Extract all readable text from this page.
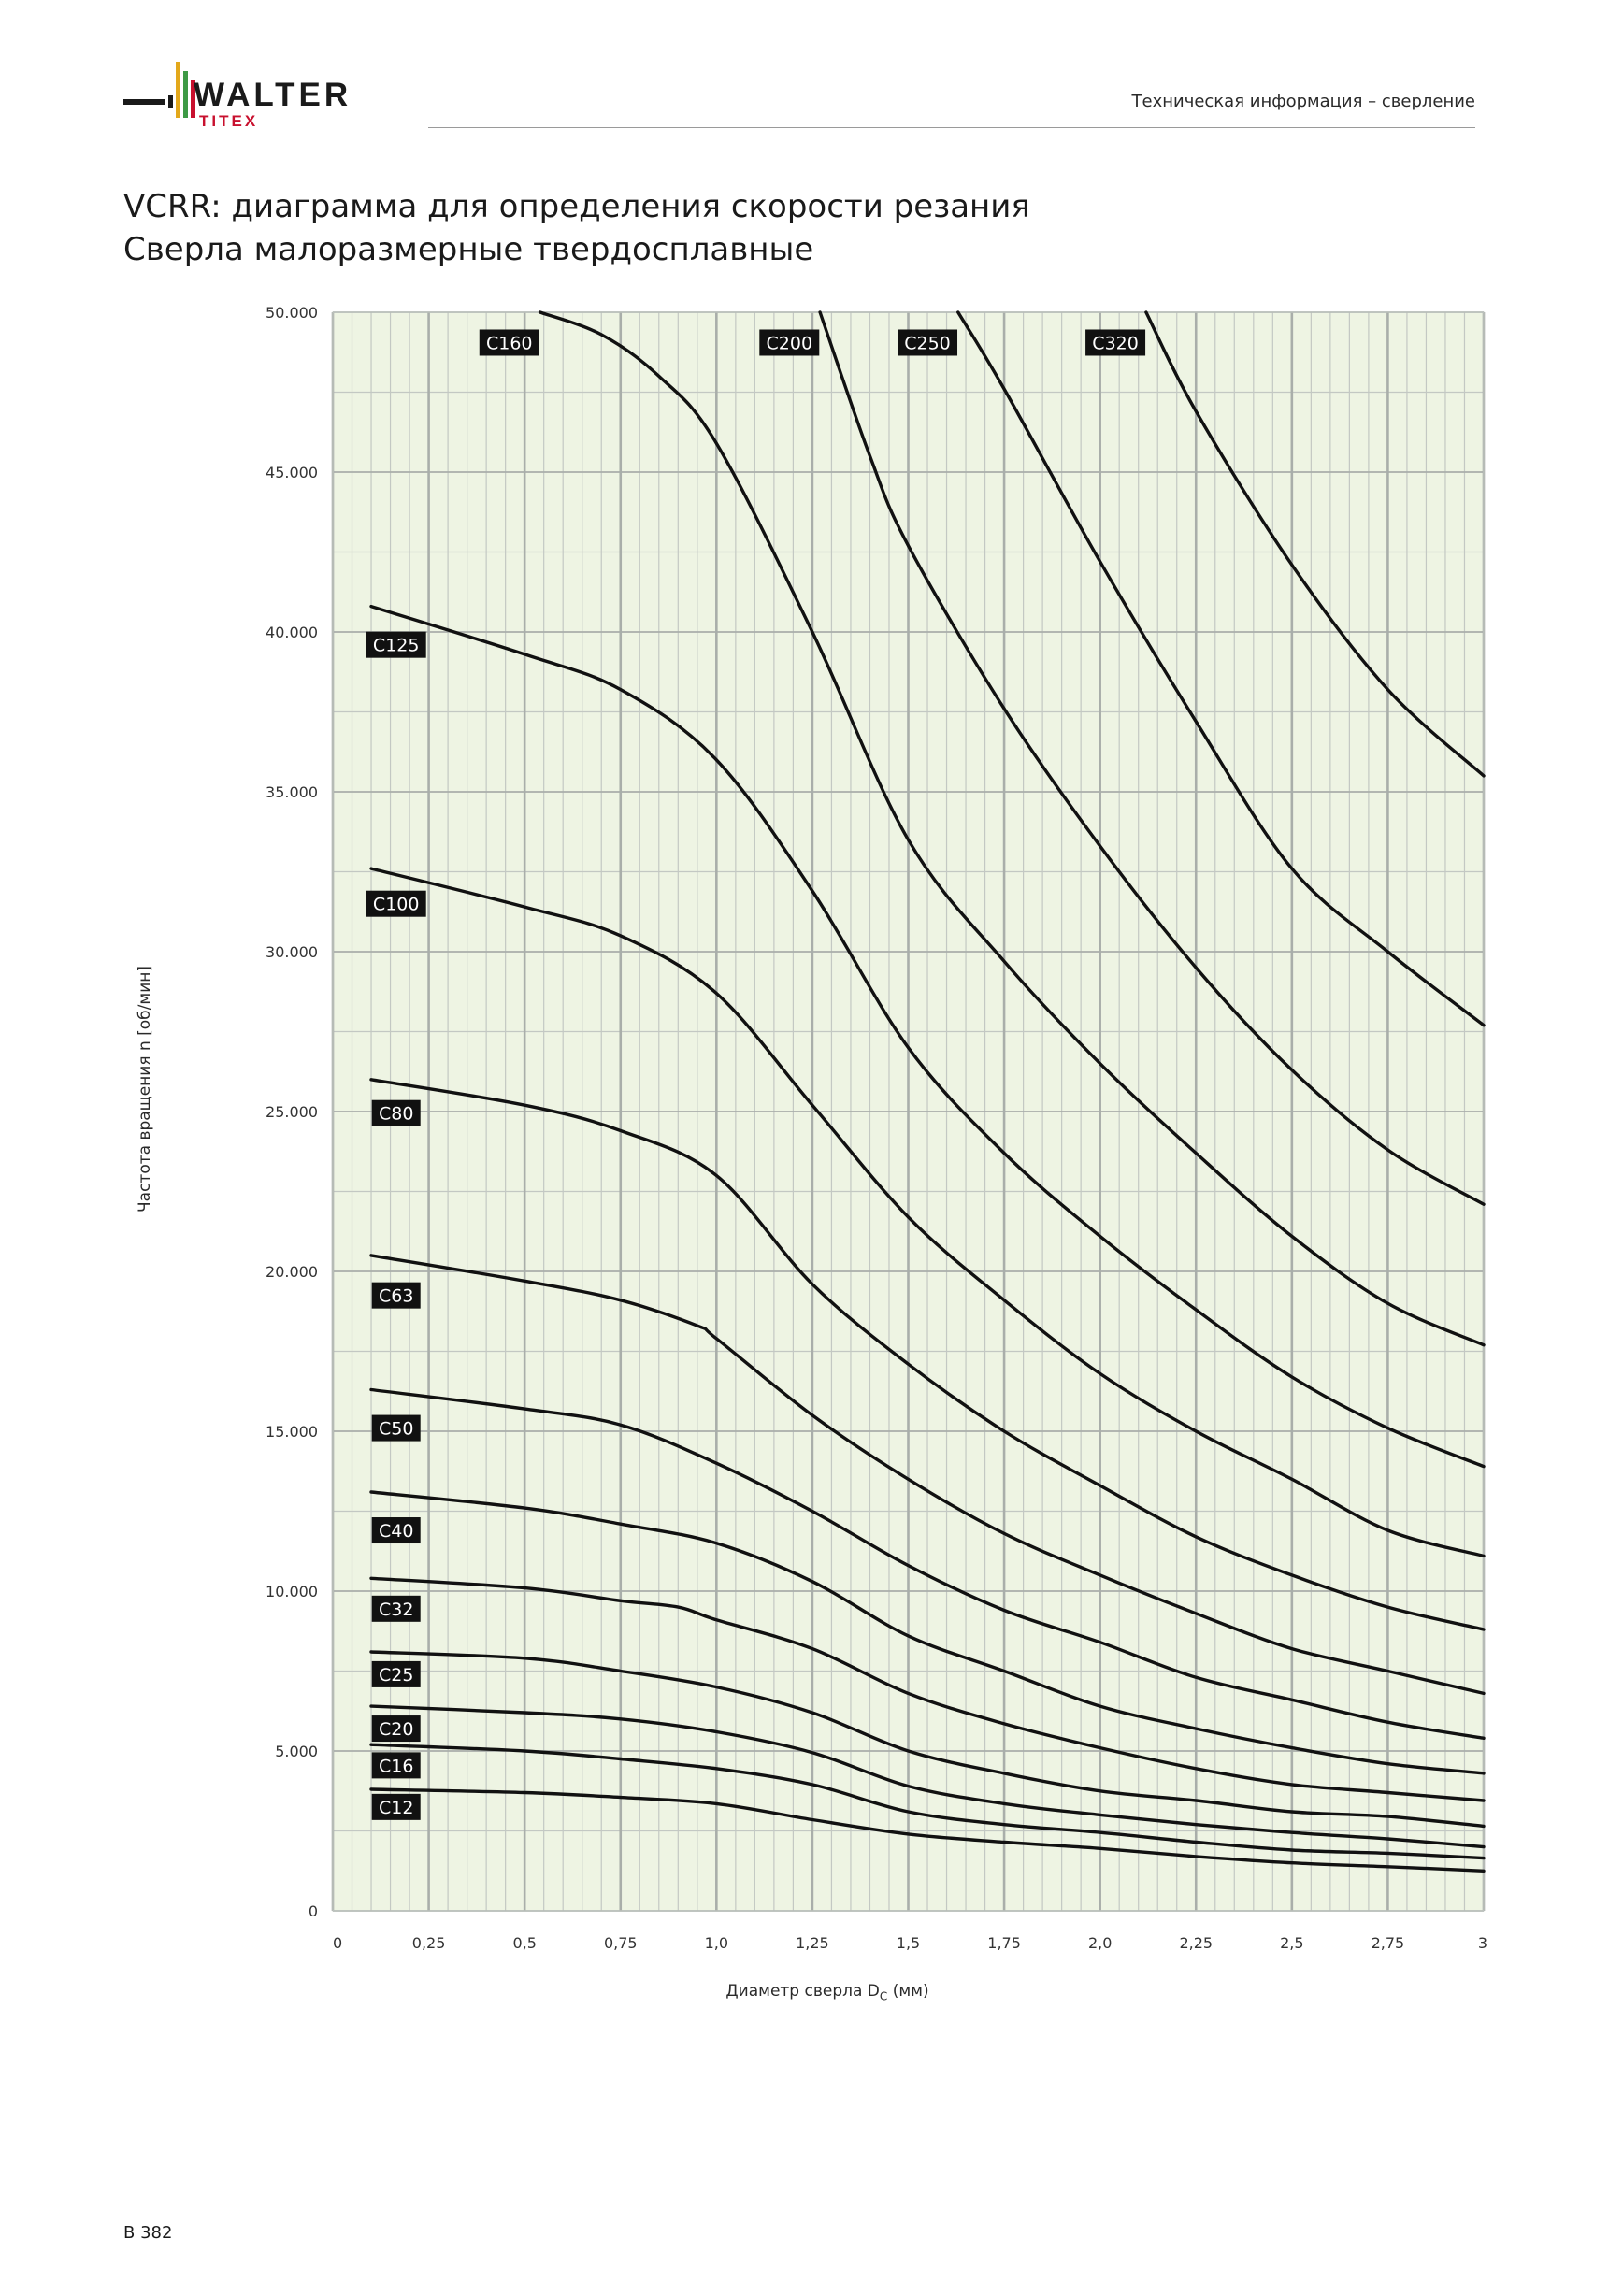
WALTER
TITEX
Техническая информация – сверление
VCRR: диаграмма для определения скорости резания
Сверла малоразмерные твердосплавные
0	0,25	0,5	0,75	1,0	1,25	1,5	1,75	2,0	2,25	2,5	2,75	3
0
5.000
10.000
15.000
20.000
25.000
30.000
35.000
40.000
45.000
50.000
C12
C16
C20
C25
C32
C40
C50
C63
C80
C100
C125
C160	C200	C250	C320
Частота вращения n [об/мин]
Диаметр сверла $D_C$ (мм)
B 382
